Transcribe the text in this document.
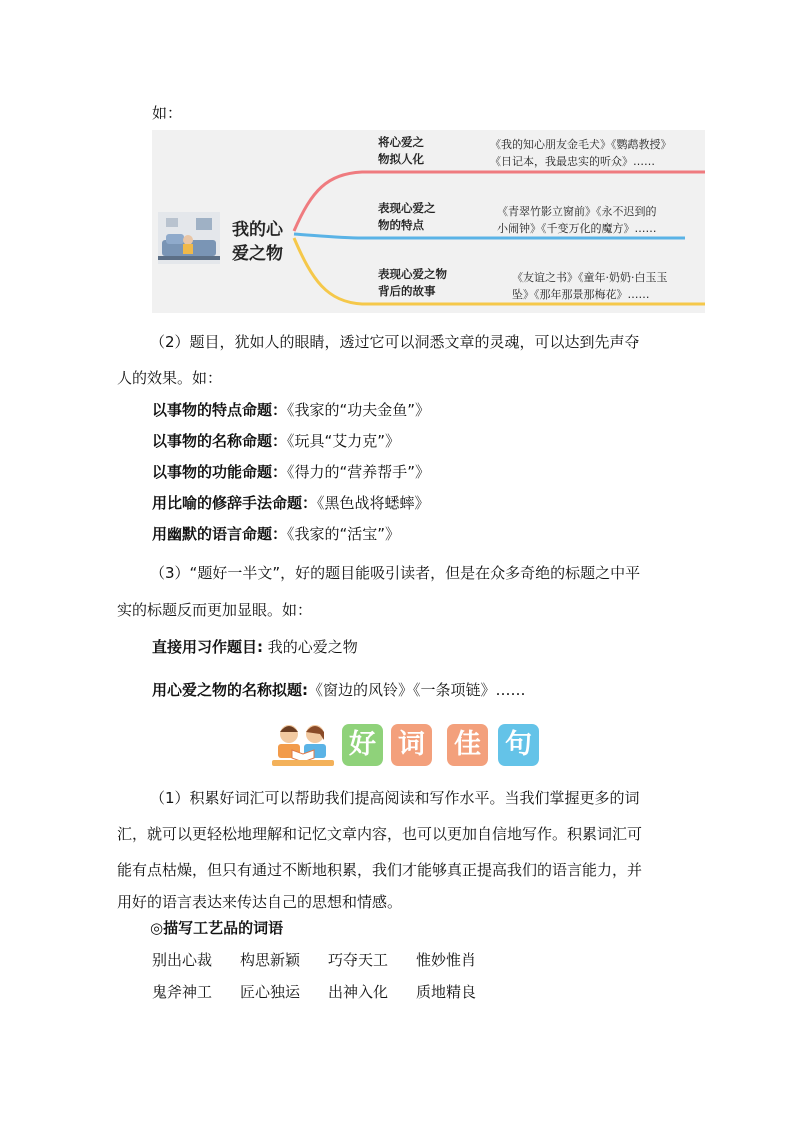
如：
我的心
爱之物
将心爱之
物拟人化
《我的知心朋友金毛犬》《鹦鹉教授》
《日记本，我最忠实的听众》……
表现心爱之
物的特点
《青翠竹影立窗前》《永不迟到的
小闹钟》《千变万化的魔方》……
表现心爱之物
背后的故事
《友谊之书》《童年·奶奶·白玉玉
坠》《那年那景那梅花》……
（2）题目，犹如人的眼睛，透过它可以洞悉文章的灵魂，可以达到先声夺
人的效果。如：
以事物的特点命题：《我家的“功夫金鱼”》
以事物的名称命题：《玩具“艾力克”》
以事物的功能命题：《得力的“营养帮手”》
用比喻的修辞手法命题：《黑色战将蟋蟀》
用幽默的语言命题：《我家的“活宝”》
（3）“题好一半文”，好的题目能吸引读者，但是在众多奇绝的标题之中平
实的标题反而更加显眼。如：
直接用习作题目: 我的心爱之物
用心爱之物的名称拟题:《窗边的风铃》《一条项链》……
好 词 佳 句
（1）积累好词汇可以帮助我们提高阅读和写作水平。当我们掌握更多的词
汇，就可以更轻松地理解和记忆文章内容，也可以更加自信地写作。积累词汇可
能有点枯燥，但只有通过不断地积累，我们才能够真正提高我们的语言能力，并
用好的语言表达来传达自己的思想和情感。
◎描写工艺品的词语
别出心裁 构思新颖 巧夺天工 惟妙惟肖
鬼斧神工 匠心独运 出神入化 质地精良
